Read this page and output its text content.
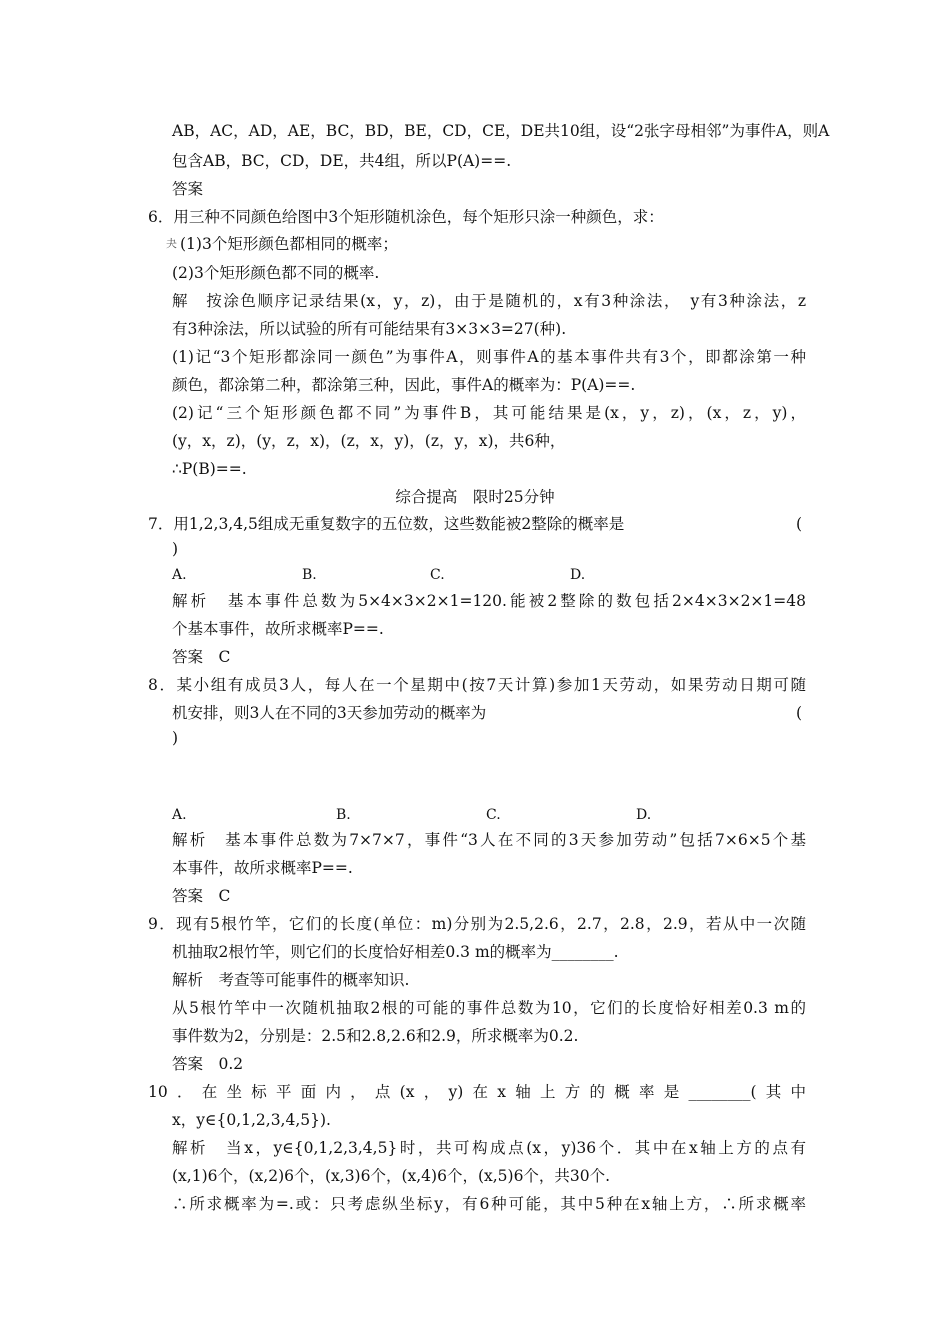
AB，AC，AD，AE，BC，BD，BE，CD，CE，DE共10组，设“2张字母相邻”为事件A，则A
包含AB，BC，CD，DE，共4组，所以P(A)==.
答案
6．用三种不同颜色给图中3个矩形随机涂色，每个矩形只涂一种颜色，求：
夬 (1)3个矩形颜色都相同的概率；
(2)3个矩形颜色都不同的概率.
解　按涂色顺序记录结果(x，y，z)，由于是随机的，x有3种涂法，　y有3种涂法，z
有3种涂法，所以试验的所有可能结果有3×3×3=27(种).
(1)记“3个矩形都涂同一颜色”为事件A，则事件A的基本事件共有3个，即都涂第一种
颜色，都涂第二种，都涂第三种，因此，事件A的概率为：P(A)==.
(2)记“三个矩形颜色都不同”为事件B，其可能结果是(x，y，z)，(x，z，y)，
(y，x，z)，(y，z，x)，(z，x，y)，(z，y，x)，共6种，
∴P(B)==.
综合提高　限时25分钟
7．用1,2,3,4,5组成无重复数字的五位数，这些数能被2整除的概率是	(
)
A.	B.	C.	D.
解析　基本事件总数为5×4×3×2×1=120.能被2整除的数包括2×4×3×2×1=48
个基本事件，故所求概率P==.
答案　C
8．某小组有成员3人，每人在一个星期中(按7天计算)参加1天劳动，如果劳动日期可随
机安排，则3人在不同的3天参加劳动的概率为	(
)
A.	B.	C.	D.
解析　基本事件总数为7×7×7，事件“3人在不同的3天参加劳动”包括7×6×5个基
本事件，故所求概率P==.
答案　C
9．现有5根竹竿，它们的长度(单位：m)分别为2.5,2.6，2.7，2.8，2.9，若从中一次随
机抽取2根竹竿，则它们的长度恰好相差0.3 m的概率为________.
解析　考查等可能事件的概率知识.
从5根竹竿中一次随机抽取2根的可能的事件总数为10，它们的长度恰好相差0.3 m的
事件数为2，分别是：2.5和2.8,2.6和2.9，所求概率为0.2.
答案　0.2
10．在坐标平面内，点(x，y)在x轴上方的概率是________(其中
x，y∈{0,1,2,3,4,5}).
解析　当x，y∈{0,1,2,3,4,5}时，共可构成点(x，y)36个．其中在x轴上方的点有
(x,1)6个，(x,2)6个，(x,3)6个，(x,4)6个，(x,5)6个，共30个.
∴所求概率为=.或：只考虑纵坐标y，有6种可能，其中5种在x轴上方，∴所求概率
